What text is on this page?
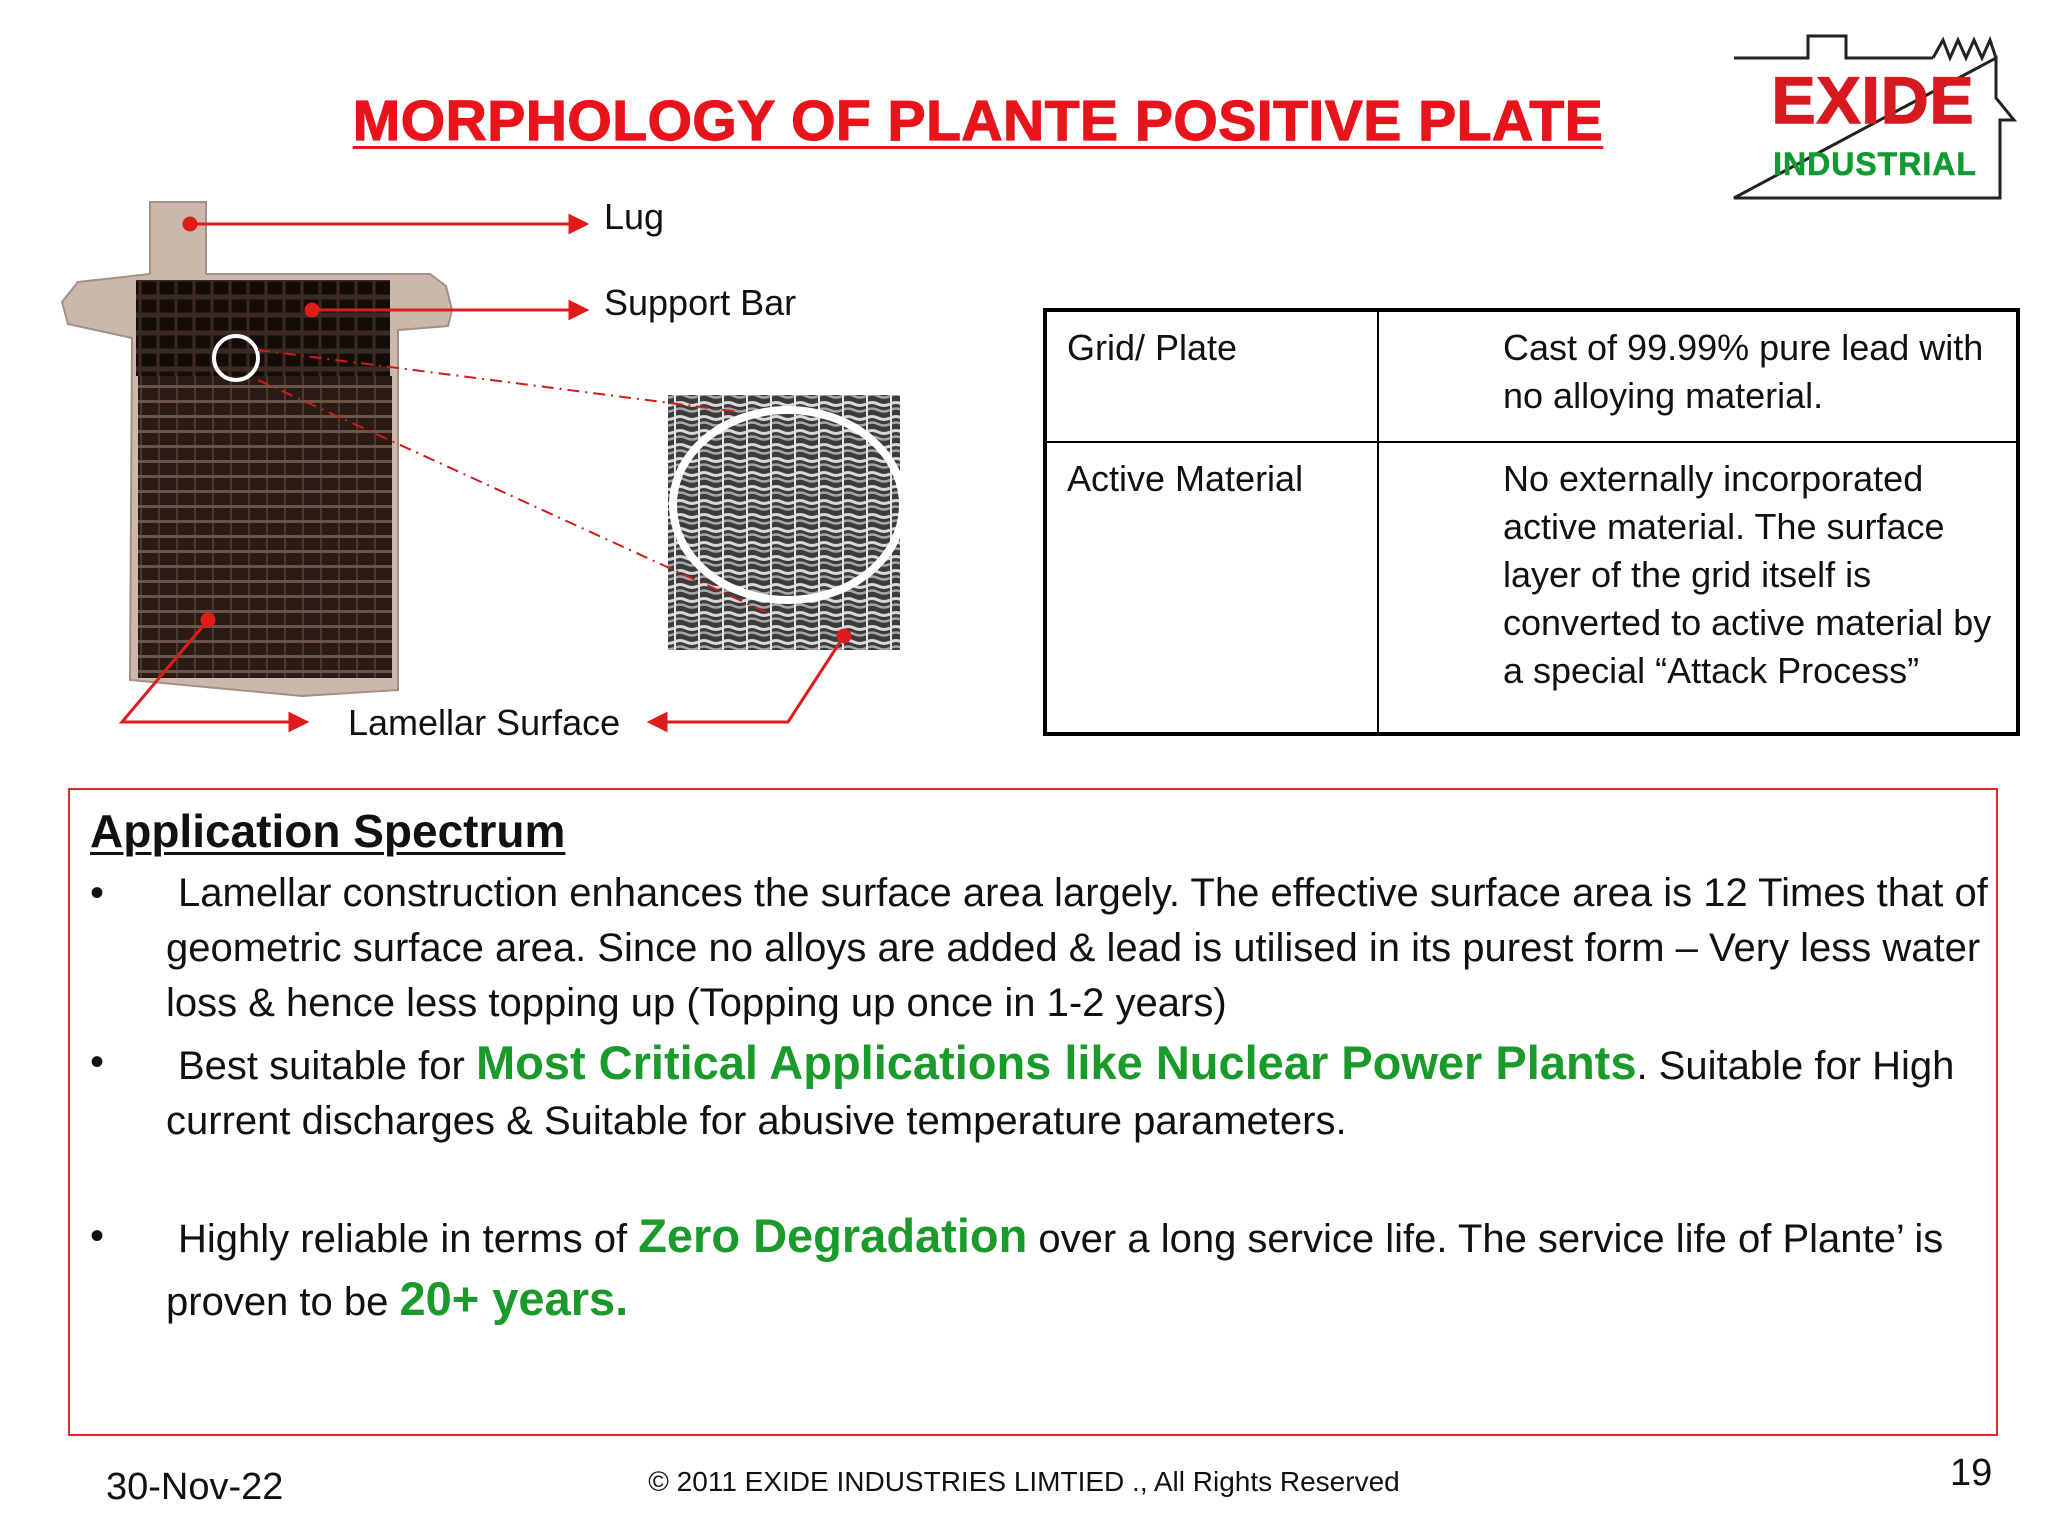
MORPHOLOGY OF PLANTE POSITIVE PLATE	EXIDE
INDUSTRIAL
Lug
Support Bar
Lamellar Surface
Grid/ Plate	Cast of 99.99% pure lead with no alloying material.
Active Material	No externally incorporated active material. The surface layer of the grid itself is converted to active material by a special “Attack Process”
Application Spectrum
•	Lamellar construction enhances the surface area largely. The effective surface area is 12 Times that of geometric surface area. Since no alloys are added & lead is utilised in its purest form – Very less water loss & hence less topping up (Topping up once in 1-2 years)
•	Best suitable for Most Critical Applications like Nuclear Power Plants. Suitable for High current discharges & Suitable for abusive temperature parameters.
•	Highly reliable in terms of Zero Degradation over a long service life. The service life of Plante’ is proven to be 20+ years.
30-Nov-22	© 2011 EXIDE INDUSTRIES LIMTIED ., All Rights Reserved	19
